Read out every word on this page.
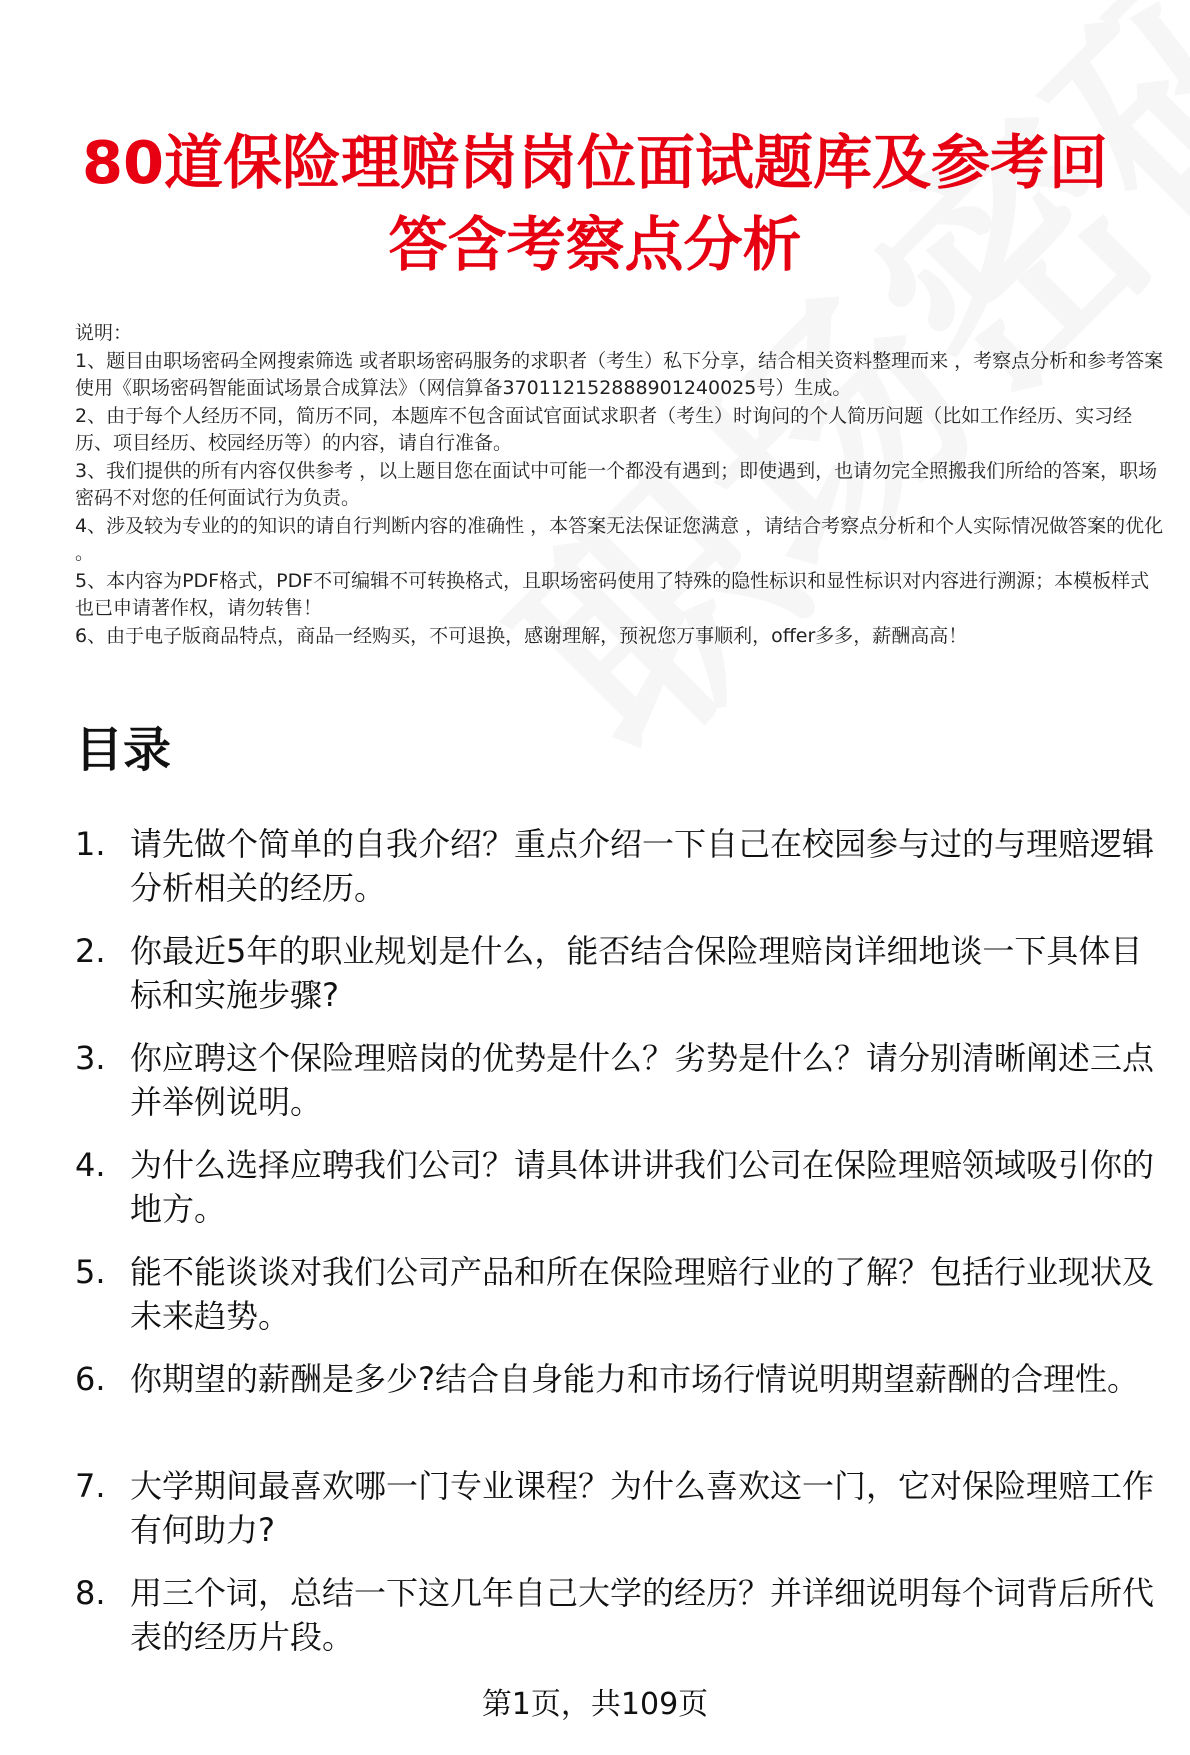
80道保险理赔岗岗位面试题库及参考回答含考察点分析

说明：

1、题目由职场密码全网搜索筛选 或者职场密码服务的求职者（考生）私下分享，结合相关资料整理而来 ，考察点分析和参考答案使用《职场密码智能面试场景合成算法》（网信算备370112152888901240025号）生成。

2、由于每个人经历不同，简历不同，本题库不包含面试官面试求职者（考生）时询问的个人简历问题（比如工作经历、实习经历、项目经历、校园经历等）的内容，请自行准备。

3、我们提供的所有内容仅供参考 ，以上题目您在面试中可能一个都没有遇到；即使遇到，也请勿完全照搬我们所给的答案，职场密码不对您的任何面试行为负责。

4、涉及较为专业的的知识的请自行判断内容的准确性 ，本答案无法保证您满意 ，请结合考察点分析和个人实际情况做答案的优化 。

5、本内容为PDF格式，PDF不可编辑不可转换格式，且职场密码使用了特殊的隐性标识和显性标识对内容进行溯源；本模板样式也已申请著作权，请勿转售！

6、由于电子版商品特点，商品一经购买，不可退换，感谢理解，预祝您万事顺利，offer多多，薪酬高高！

目录
1. 请先做个简单的自我介绍？重点介绍一下自己在校园参与过的与理赔逻辑分析相关的经历。
2. 你最近5年的职业规划是什么，能否结合保险理赔岗详细地谈一下具体目标和实施步骤?
3. 你应聘这个保险理赔岗的优势是什么？劣势是什么？请分别清晰阐述三点并举例说明。
4. 为什么选择应聘我们公司？请具体讲讲我们公司在保险理赔领域吸引你的地方。
5. 能不能谈谈对我们公司产品和所在保险理赔行业的了解？包括行业现状及未来趋势。
6. 你期望的薪酬是多少?结合自身能力和市场行情说明期望薪酬的合理性。
7. 大学期间最喜欢哪一门专业课程？为什么喜欢这一门，它对保险理赔工作有何助力?
8. 用三个词，总结一下这几年自己大学的经历？并详细说明每个词背后所代表的经历片段。
第1页，共109页
